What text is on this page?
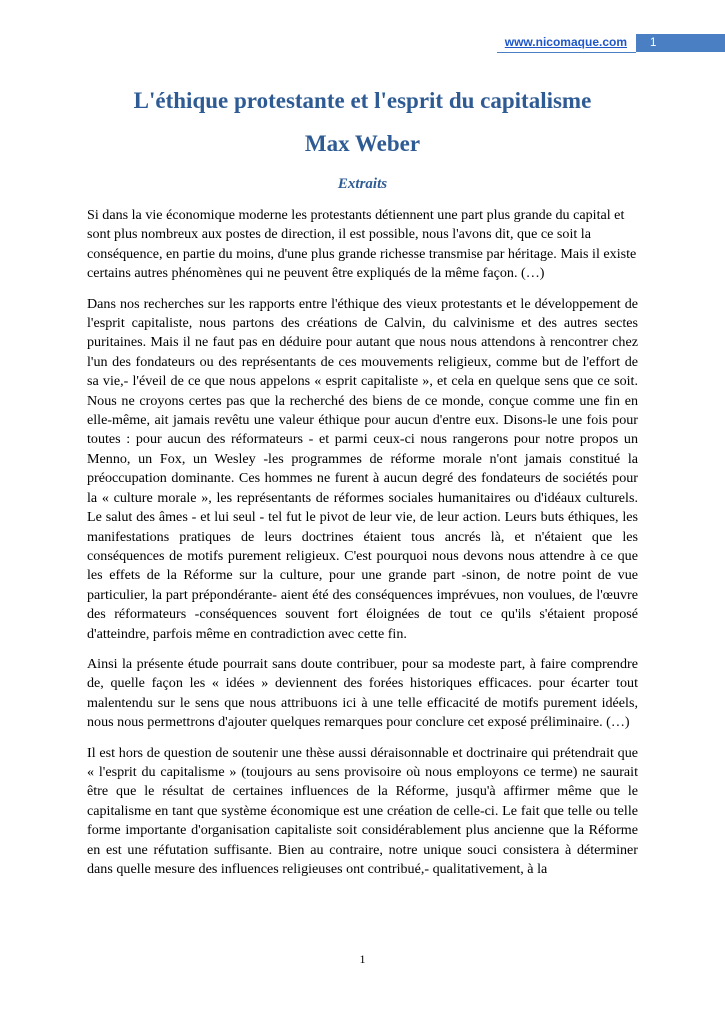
www.nicomaque.com 1
L'éthique protestante et l'esprit du capitalisme
Max Weber
Extraits

Si dans la vie économique moderne les protestants détiennent une part plus grande du capital et sont plus nombreux aux postes de direction, il est possible, nous l'avons dit, que ce soit la conséquence, en partie du moins, d'une plus grande richesse transmise par héritage. Mais il existe certains autres phénomènes qui ne peuvent être expliqués de la même façon. (…)

Dans nos recherches sur les rapports entre l'éthique des vieux protestants et le développement de l'esprit capitaliste, nous partons des créations de Calvin, du calvinisme et des autres sectes puritaines. Mais il ne faut pas en déduire pour autant que nous nous attendons à rencontrer chez l'un des fondateurs ou des représentants de ces mouvements religieux, comme but de l'effort de sa vie,- l'éveil de ce que nous appelons « esprit capitaliste », et cela en quelque sens que ce soit. Nous ne croyons certes pas que la recherché des biens de ce monde, conçue comme une fin en elle-même, ait jamais revêtu une valeur éthique pour aucun d'entre eux. Disons-le une fois pour toutes : pour aucun des réformateurs - et parmi ceux-ci nous rangerons pour notre propos un Menno, un Fox, un Wesley -les programmes de réforme morale n'ont jamais constitué la préoccupation dominante. Ces hommes ne furent à aucun degré des fondateurs de sociétés pour la « culture morale », les représentants de réformes sociales humanitaires ou d'idéaux culturels. Le salut des âmes - et lui seul - tel fut le pivot de leur vie, de leur action. Leurs buts éthiques, les manifestations pratiques de leurs doctrines étaient tous ancrés là, et n'étaient que les conséquences de motifs purement religieux. C'est pourquoi nous devons nous attendre à ce que les effets de la Réforme sur la culture, pour une grande part -sinon, de notre point de vue particulier, la part prépondérante- aient été des conséquences imprévues, non voulues, de l'œuvre des réformateurs -conséquences souvent fort éloignées de tout ce qu'ils s'étaient proposé d'atteindre, parfois même en contradiction avec cette fin.

Ainsi la présente étude pourrait sans doute contribuer, pour sa modeste part, à faire comprendre de, quelle façon les « idées » deviennent des forées historiques efficaces. pour écarter tout malentendu sur le sens que nous attribuons ici à une telle efficacité de motifs purement idéels, nous nous permettrons d'ajouter quelques remarques pour conclure cet exposé préliminaire. (…)

Il est hors de question de soutenir une thèse aussi déraisonnable et doctrinaire qui prétendrait que « l'esprit du capitalisme » (toujours au sens provisoire où nous employons ce terme) ne saurait être que le résultat de certaines influences de la Réforme, jusqu'à affirmer même que le capitalisme en tant que système économique est une création de celle-ci. Le fait que telle ou telle forme importante d'organisation capitaliste soit considérablement plus ancienne que la Réforme en est une réfutation suffisante. Bien au contraire, notre unique souci consistera à déterminer dans quelle mesure des influences religieuses ont contribué,- qualitativement, à la

1
